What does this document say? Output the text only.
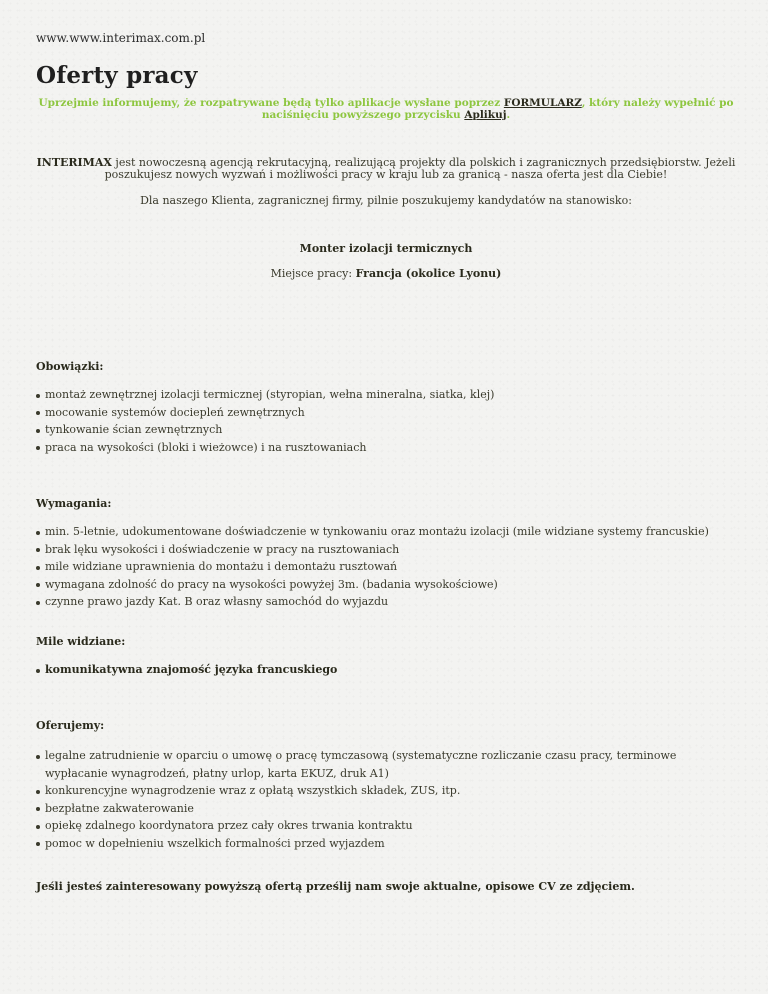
www.www.interimax.com.pl
Oferty pracy
Uprzejmie informujemy, że rozpatrywane będą tylko aplikacje wysłane poprzez FORMULARZ, który należy wypełnić po naciśnięciu powyższego przycisku Aplikuj.
INTERIMAX jest nowoczesną agencją rekrutacyjną, realizującą projekty dla polskich i zagranicznych przedsiębiorstw. Jeżeli poszukujesz nowych wyzwań i możliwości pracy w kraju lub za granicą - nasza oferta jest dla Ciebie!
Dla naszego Klienta, zagranicznej firmy, pilnie poszukujemy kandydatów na stanowisko:
Monter izolacji termicznych
Miejsce pracy: Francja (okolice Lyonu)
Obowiązki:
montaż zewnętrznej izolacji termicznej (styropian, wełna mineralna, siatka, klej)
mocowanie systemów dociepleń zewnętrznych
tynkowanie ścian zewnętrznych
praca na wysokości (bloki i wieżowce) i na rusztowaniach
Wymagania:
min. 5-letnie, udokumentowane doświadczenie w tynkowaniu oraz montażu izolacji (mile widziane systemy francuskie)
brak lęku wysokości i doświadczenie w pracy na rusztowaniach
mile widziane uprawnienia do montażu i demontażu rusztowań
wymagana zdolność do pracy na wysokości powyżej 3m. (badania wysokościowe)
czynne prawo jazdy Kat. B oraz własny samochód do wyjazdu
Mile widziane:
komunikatywna znajomość języka francuskiego
Oferujemy:
legalne zatrudnienie w oparciu o umowę o pracę tymczasową (systematyczne rozliczanie czasu pracy, terminowe wypłacanie wynagrodzeń, płatny urlop, karta EKUZ, druk A1)
konkurencyjne wynagrodzenie wraz z opłatą wszystkich składek, ZUS, itp.
bezpłatne zakwaterowanie
opiekę zdalnego koordynatora przez cały okres trwania kontraktu
pomoc w dopełnieniu wszelkich formalności przed wyjazdem
Jeśli jesteś zainteresowany powyższą ofertą prześlij nam swoje aktualne, opisowe CV ze zdjęciem.
